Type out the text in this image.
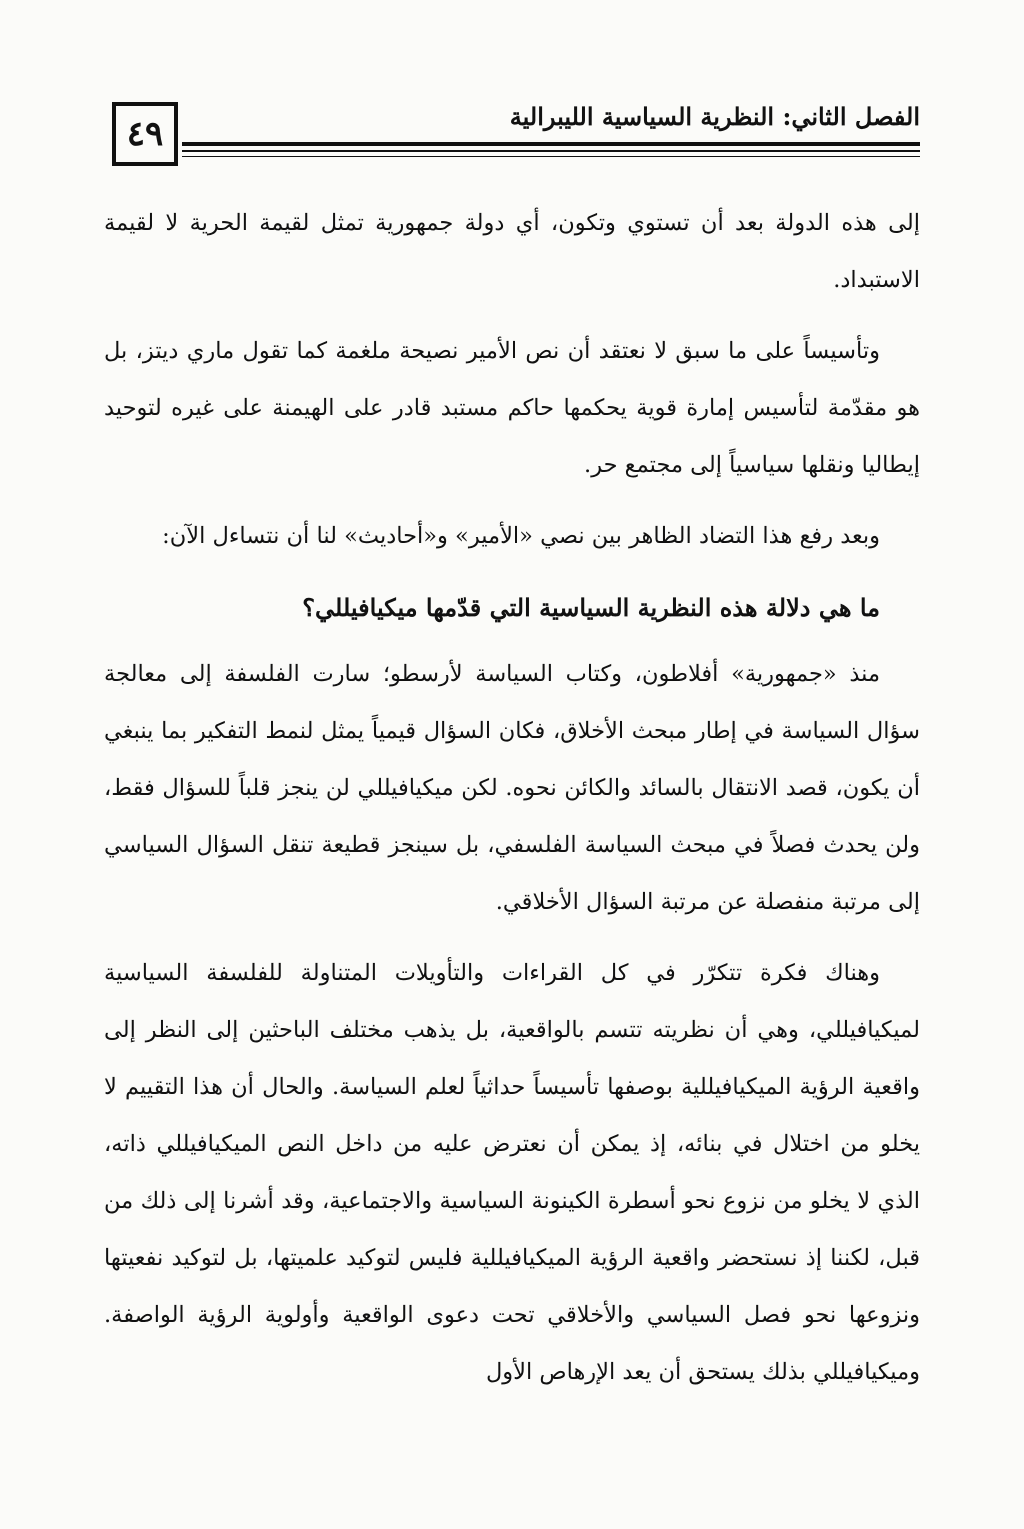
٤٩	الفصل الثاني: النظرية السياسية الليبرالية

إلى هذه الدولة بعد أن تستوي وتكون، أي دولة جمهورية تمثل لقيمة الحرية لا لقيمة الاستبداد.

وتأسيساً على ما سبق لا نعتقد أن نص الأمير نصيحة ملغمة كما تقول ماري ديتز، بل هو مقدّمة لتأسيس إمارة قوية يحكمها حاكم مستبد قادر على الهيمنة على غيره لتوحيد إيطاليا ونقلها سياسياً إلى مجتمع حر.

وبعد رفع هذا التضاد الظاهر بين نصي «الأمير» و«أحاديث» لنا أن نتساءل الآن:

ما هي دلالة هذه النظرية السياسية التي قدّمها ميكيافيللي؟

منذ «جمهورية» أفلاطون، وكتاب السياسة لأرسطو؛ سارت الفلسفة إلى معالجة سؤال السياسة في إطار مبحث الأخلاق، فكان السؤال قيمياً يمثل لنمط التفكير بما ينبغي أن يكون، قصد الانتقال بالسائد والكائن نحوه. لكن ميكيافيللي لن ينجز قلباً للسؤال فقط، ولن يحدث فصلاً في مبحث السياسة الفلسفي، بل سينجز قطيعة تنقل السؤال السياسي إلى مرتبة منفصلة عن مرتبة السؤال الأخلاقي.

وهناك فكرة تتكرّر في كل القراءات والتأويلات المتناولة للفلسفة السياسية لميكيافيللي، وهي أن نظريته تتسم بالواقعية، بل يذهب مختلف الباحثين إلى النظر إلى واقعية الرؤية الميكيافيللية بوصفها تأسيساً حداثياً لعلم السياسة. والحال أن هذا التقييم لا يخلو من اختلال في بنائه، إذ يمكن أن نعترض عليه من داخل النص الميكيافيللي ذاته، الذي لا يخلو من نزوع نحو أسطرة الكينونة السياسية والاجتماعية، وقد أشرنا إلى ذلك من قبل، لكننا إذ نستحضر واقعية الرؤية الميكيافيللية فليس لتوكيد علميتها، بل لتوكيد نفعيتها ونزوعها نحو فصل السياسي والأخلاقي تحت دعوى الواقعية وأولوية الرؤية الواصفة. وميكيافيللي بذلك يستحق أن يعد الإرهاص الأول
